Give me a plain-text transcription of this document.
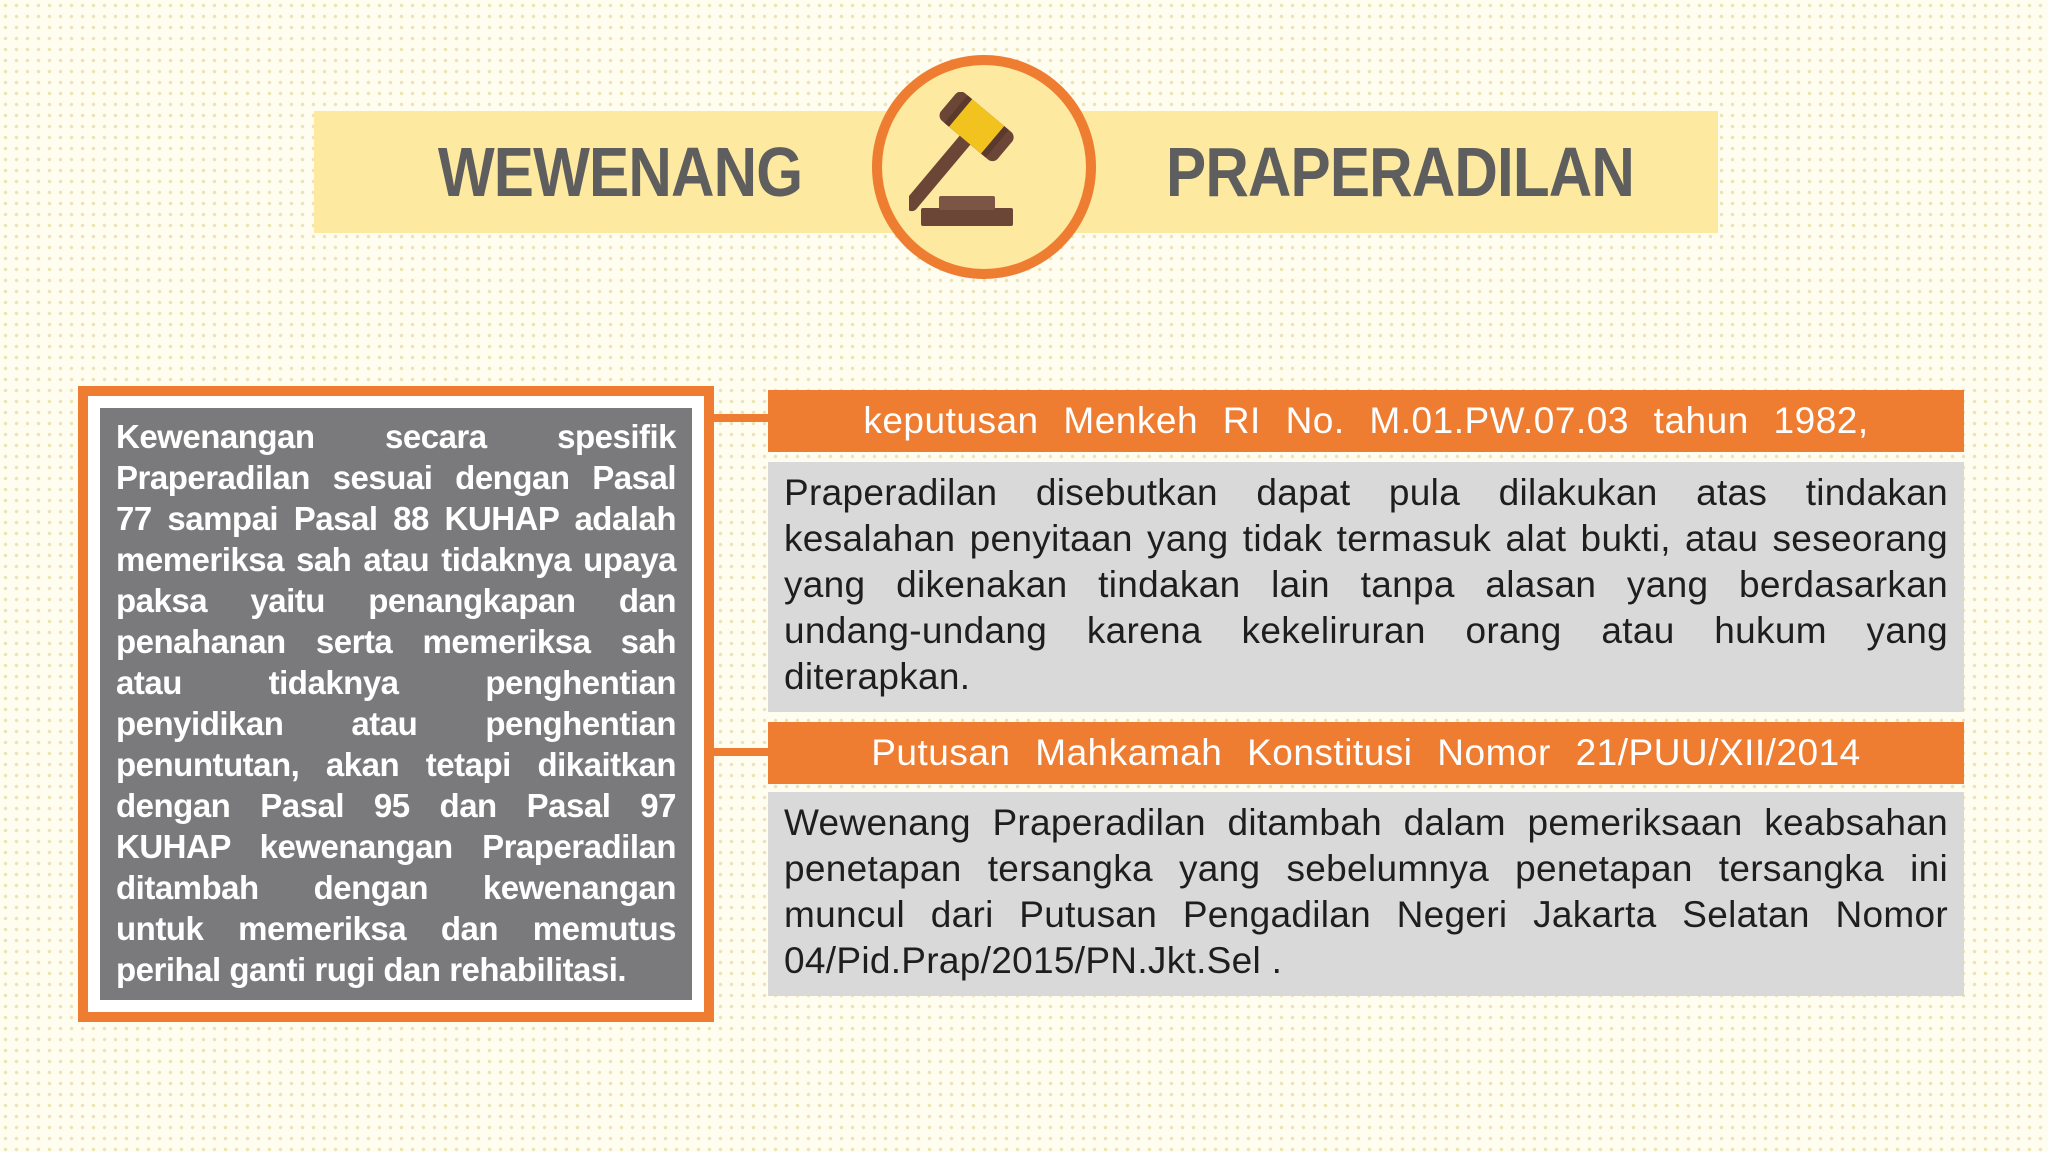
WEWENANG	PRAPERADILAN

Kewenangan secara spesifik Praperadilan sesuai dengan Pasal 77 sampai Pasal 88 KUHAP adalah memeriksa sah atau tidaknya upaya paksa yaitu penangkapan dan penahanan serta memeriksa sah atau tidaknya penghentian penyidikan atau penghentian penuntutan, akan tetapi dikaitkan dengan Pasal 95 dan Pasal 97 KUHAP kewenangan Praperadilan ditambah dengan kewenangan untuk memeriksa dan memutus perihal ganti rugi dan rehabilitasi.

keputusan Menkeh RI No. M.01.PW.07.03 tahun 1982,

Praperadilan disebutkan dapat pula dilakukan atas tindakan kesalahan penyitaan yang tidak termasuk alat bukti, atau seseorang yang dikenakan tindakan lain tanpa alasan yang berdasarkan undang-undang karena kekeliruran orang atau hukum yang diterapkan.

Putusan Mahkamah Konstitusi Nomor 21/PUU/XII/2014

Wewenang Praperadilan ditambah dalam pemeriksaan keabsahan penetapan tersangka yang sebelumnya penetapan tersangka ini muncul dari Putusan Pengadilan Negeri Jakarta Selatan Nomor 04/Pid.Prap/2015/PN.Jkt.Sel .
